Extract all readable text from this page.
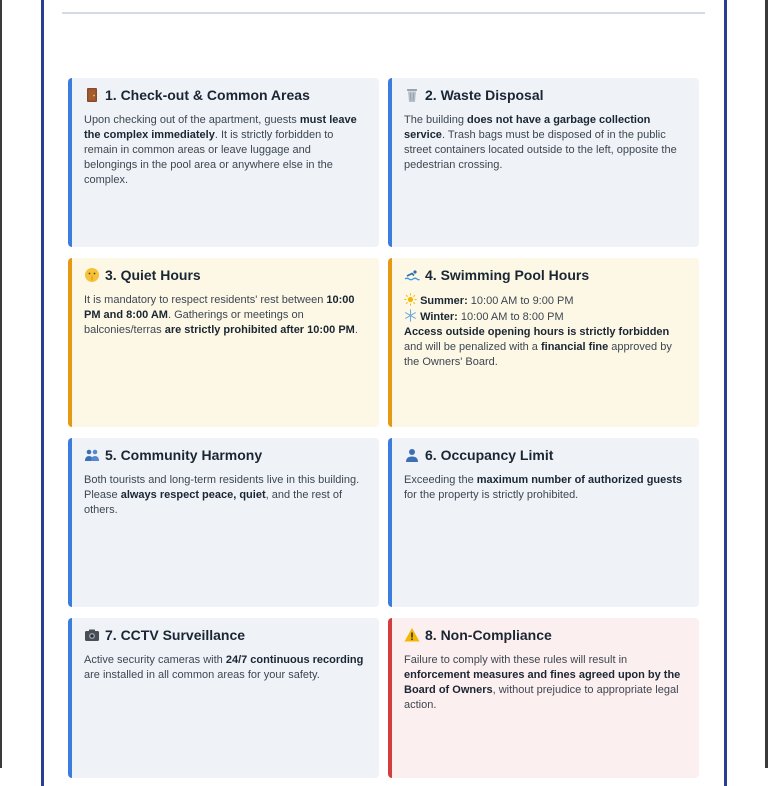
1. Check-out & Common Areas
Upon checking out of the apartment, guests must leave the complex immediately. It is strictly forbidden to remain in common areas or leave luggage and belongings in the pool area or anywhere else in the complex.
2. Waste Disposal
The building does not have a garbage collection service. Trash bags must be disposed of in the public street containers located outside to the left, opposite the pedestrian crossing.
3. Quiet Hours
It is mandatory to respect residents' rest between 10:00 PM and 8:00 AM. Gatherings or meetings on balconies/terras are strictly prohibited after 10:00 PM.
4. Swimming Pool Hours
Summer: 10:00 AM to 9:00 PM
Winter: 10:00 AM to 8:00 PM
Access outside opening hours is strictly forbidden and will be penalized with a financial fine approved by the Owners' Board.
5. Community Harmony
Both tourists and long-term residents live in this building. Please always respect peace, quiet, and the rest of others.
6. Occupancy Limit
Exceeding the maximum number of authorized guests for the property is strictly prohibited.
7. CCTV Surveillance
Active security cameras with 24/7 continuous recording are installed in all common areas for your safety.
8. Non-Compliance
Failure to comply with these rules will result in enforcement measures and fines agreed upon by the Board of Owners, without prejudice to appropriate legal action.
